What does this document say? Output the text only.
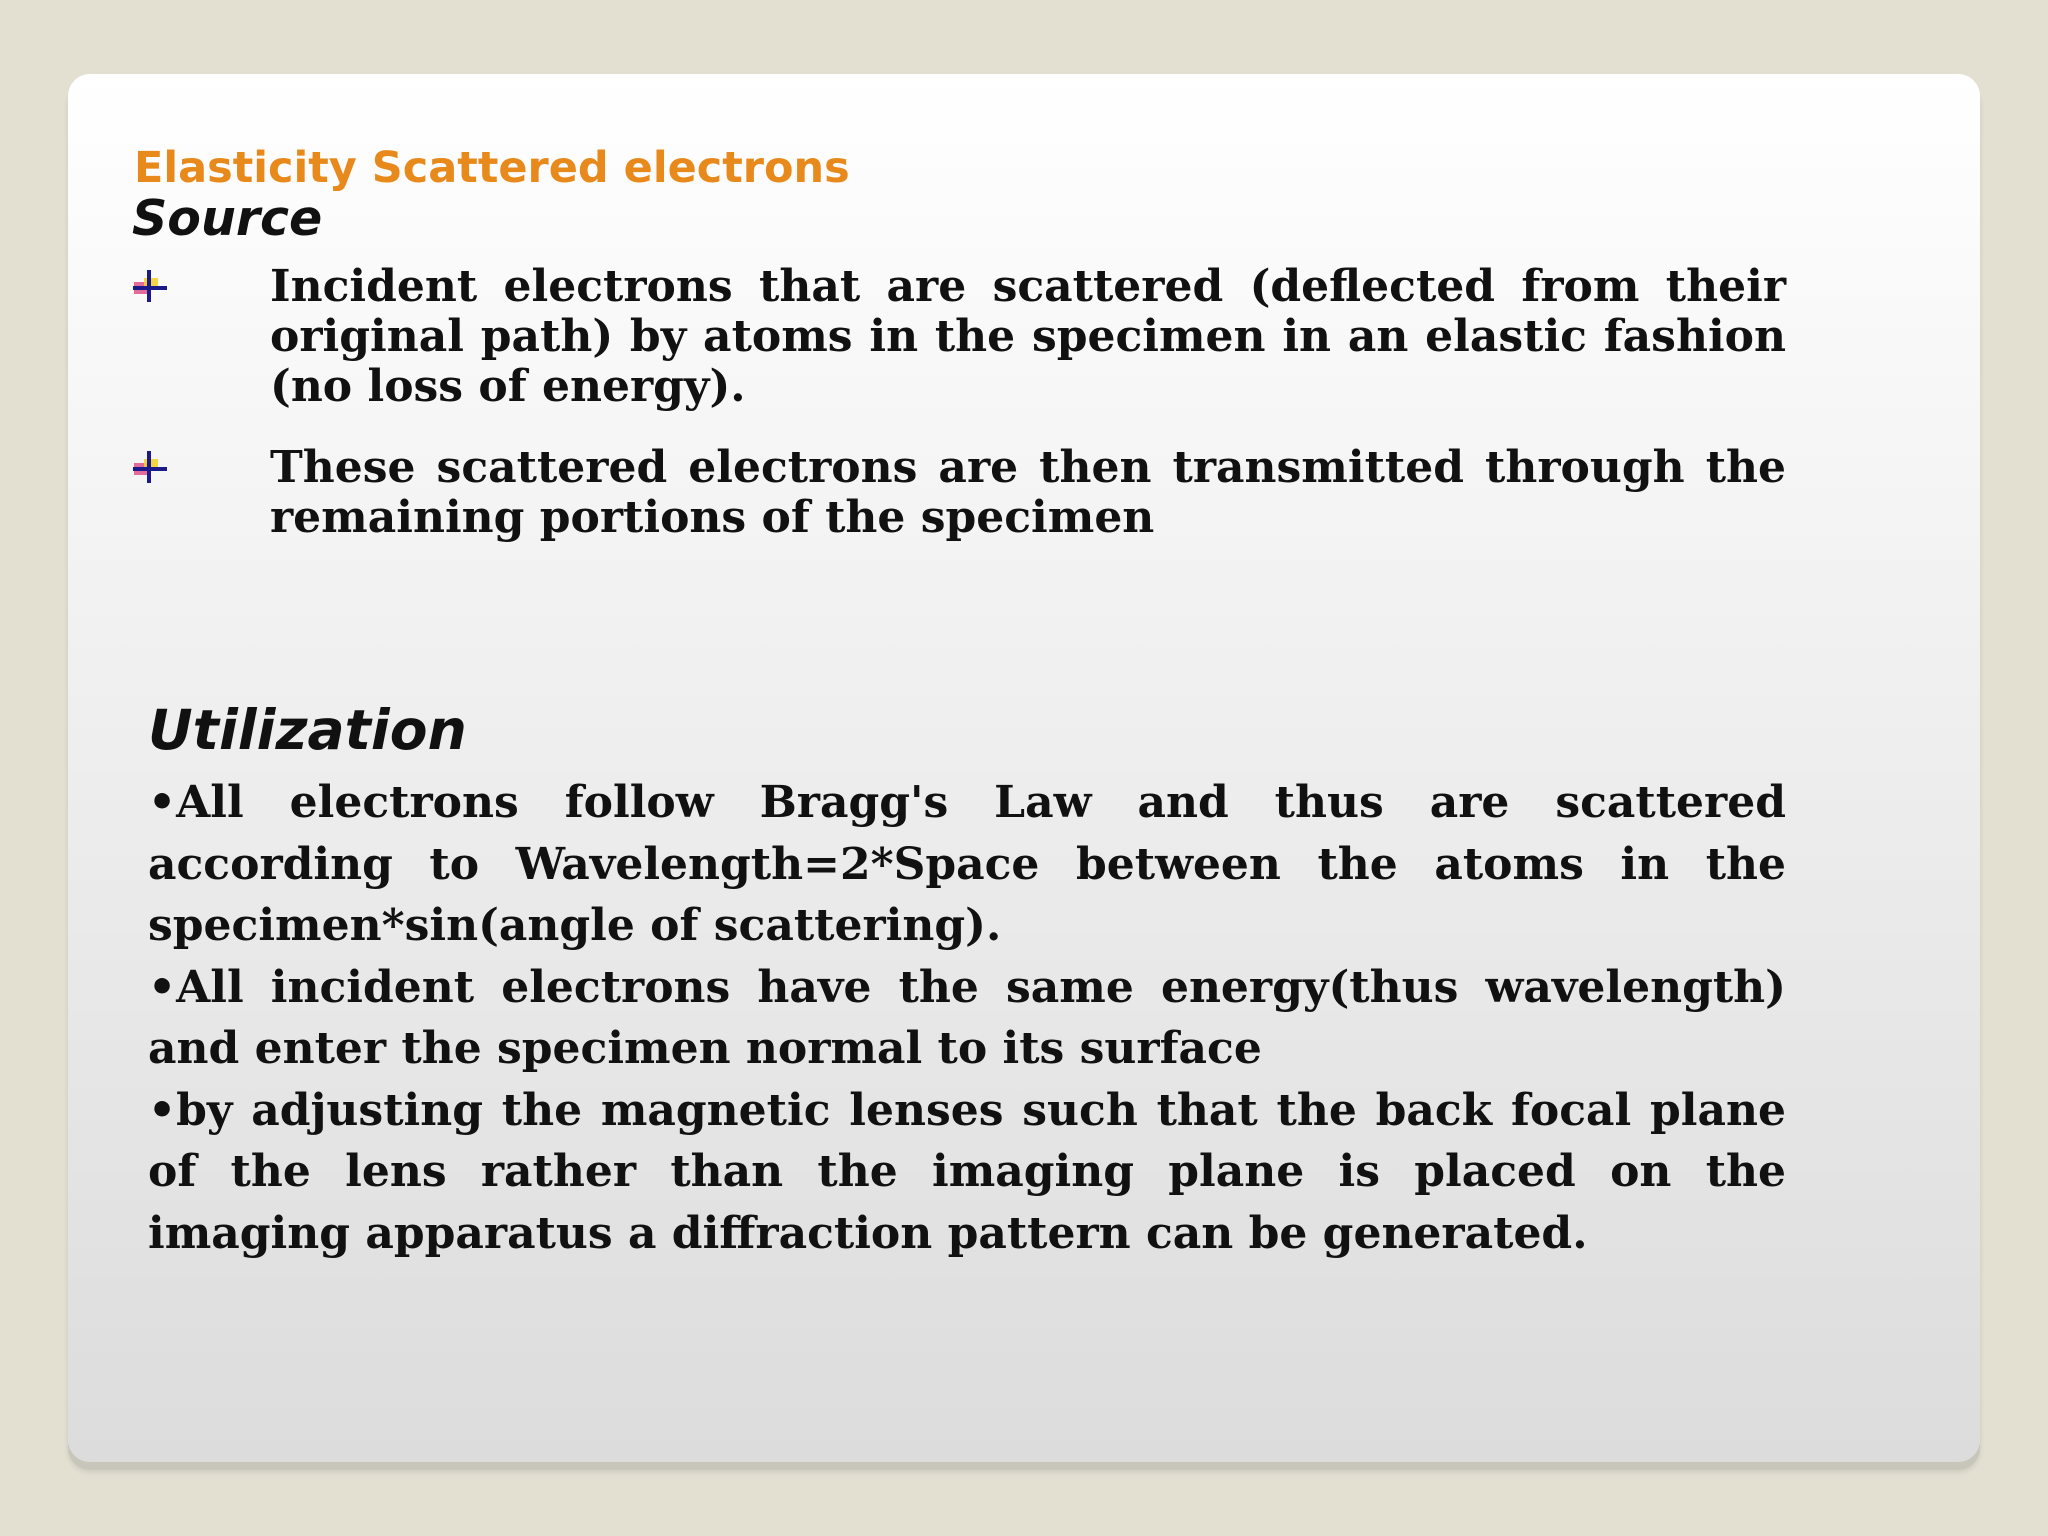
Elasticity Scattered electrons
Source

Incident electrons that are scattered (deflected from their original path) by atoms in the specimen in an elastic fashion (no loss of energy).

These scattered electrons are then transmitted through the remaining portions of the specimen

Utilization

•All electrons follow Bragg's Law and thus are scattered according to Wavelength=2*Space between the atoms in the specimen*sin(angle of scattering).

•All incident electrons have the same energy(thus wavelength) and enter the specimen normal to its surface

•by adjusting the magnetic lenses such that the back focal plane of the lens rather than the imaging plane is placed on the imaging apparatus a diffraction pattern can be generated.
